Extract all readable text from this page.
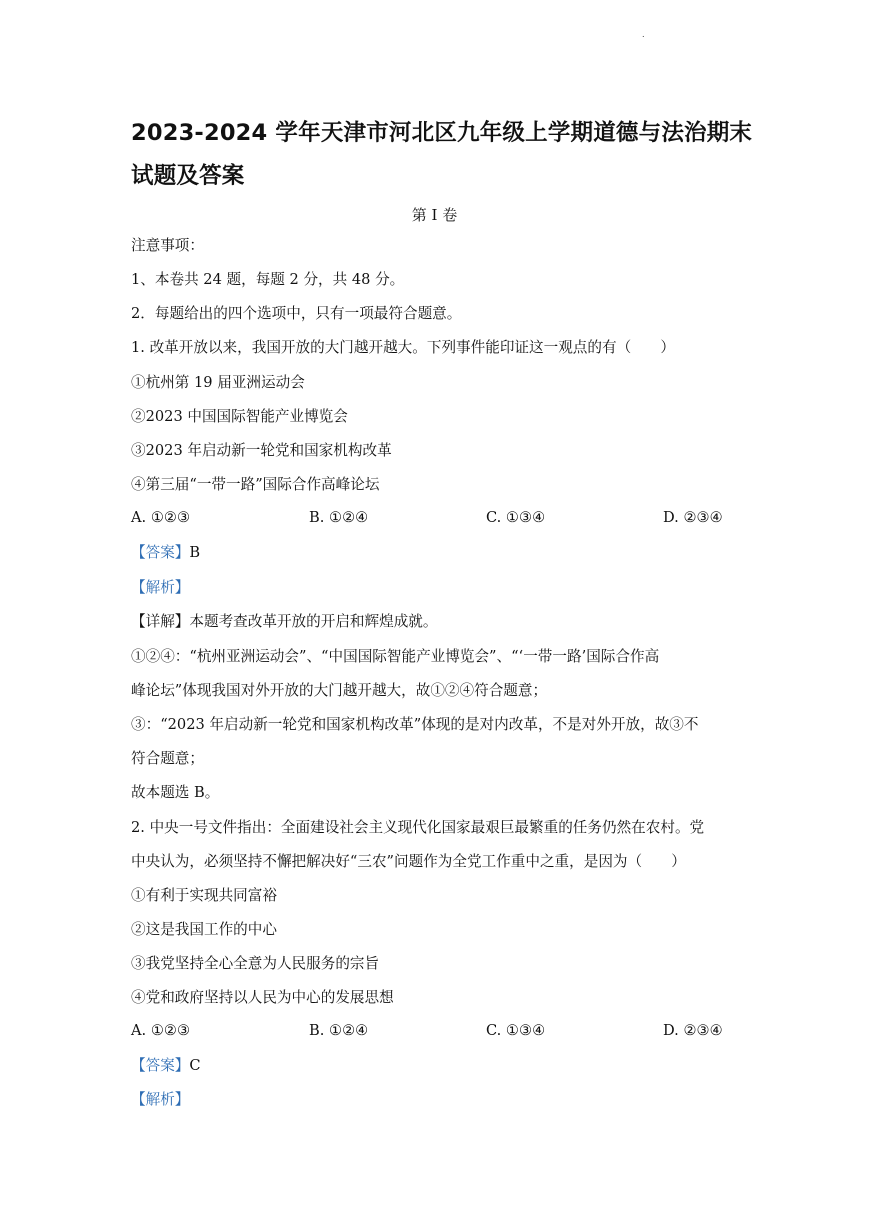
.
2023-2024 学年天津市河北区九年级上学期道德与法治期末
试题及答案
第 I 卷
注意事项：
1、本卷共 24 题，每题 2 分，共 48 分。
2．每题给出的四个选项中，只有一项最符合题意。
1. 改革开放以来，我国开放的大门越开越大。下列事件能印证这一观点的有（　　）
①杭州第 19 届亚洲运动会
②2023 中国国际智能产业博览会
③2023 年启动新一轮党和国家机构改革
④第三届“一带一路”国际合作高峰论坛
A. ①②③	B. ①②④	C. ①③④	D. ②③④
【答案】B
【解析】
【详解】本题考查改革开放的开启和辉煌成就。
①②④：“杭州亚洲运动会”、“中国国际智能产业博览会”、“‘一带一路’国际合作高
峰论坛”体现我国对外开放的大门越开越大，故①②④符合题意；
③：“2023 年启动新一轮党和国家机构改革”体现的是对内改革，不是对外开放，故③不
符合题意；
故本题选 B。
2. 中央一号文件指出：全面建设社会主义现代化国家最艰巨最繁重的任务仍然在农村。党
中央认为，必须坚持不懈把解决好“三农”问题作为全党工作重中之重，是因为（　　）
①有利于实现共同富裕
②这是我国工作的中心
③我党坚持全心全意为人民服务的宗旨
④党和政府坚持以人民为中心的发展思想
A. ①②③	B. ①②④	C. ①③④	D. ②③④
【答案】C
【解析】
